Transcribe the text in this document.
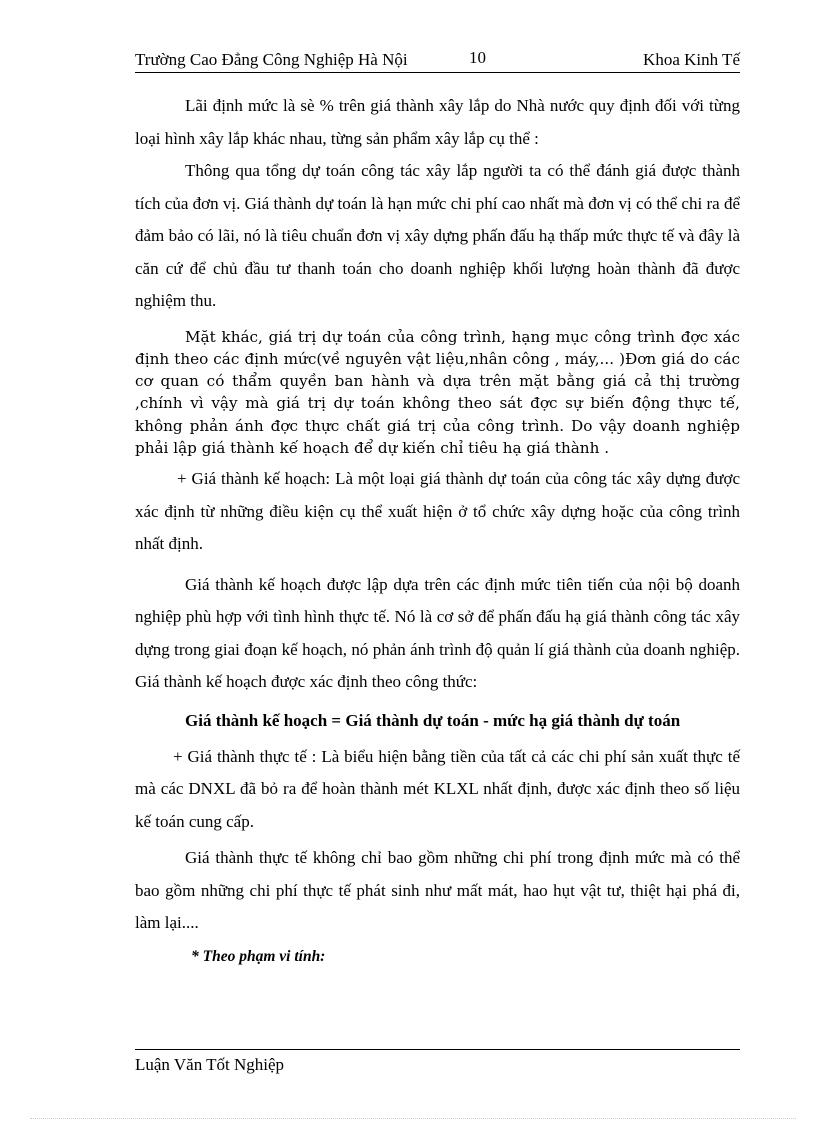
Trường Cao Đẳng Công Nghiệp Hà Nội	10	Khoa Kinh Tế

Lãi định mức là sè % trên giá thành xây lắp do Nhà nước quy định đối với từng loại hình xây lắp khác nhau, từng sản phẩm xây lắp cụ thể :

Thông qua tổng dự toán công tác xây lắp người ta có thể đánh giá được thành tích của đơn vị. Giá thành dự toán là hạn mức chi phí cao nhất mà đơn vị có thể chi ra để đảm bảo có lãi, nó là tiêu chuẩn đơn vị xây dựng phấn đấu hạ thấp mức thực tế và đây là căn cứ để chủ đầu tư thanh toán cho doanh nghiệp khối lượng hoàn thành đã được nghiệm thu.

Mặt khác, giá trị dự toán của công trình, hạng mục công trình đợc xác định theo các định mức(về nguyên vật liệu,nhân công , máy,... )Đơn giá do các cơ quan có thẩm quyền ban hành và dựa trên mặt bằng giá cả thị trường ,chính vì vậy mà giá trị dự toán không theo sát đợc sự biến động thực tế, không phản ánh đợc thực chất giá trị của công trình. Do vậy doanh nghiệp phải lập giá thành kế hoạch để dự kiến chỉ tiêu hạ giá thành .

+ Giá thành kế hoạch: Là một loại giá thành dự toán của công tác xây dựng được xác định từ những điều kiện cụ thể xuất hiện ở tổ chức xây dựng hoặc của công trình nhất định.

Giá thành kế hoạch được lập dựa trên các định mức tiên tiến của nội bộ doanh nghiệp phù hợp với tình hình thực tế. Nó là cơ sở để phấn đấu hạ giá thành công tác xây dựng trong giai đoạn kế hoạch, nó phản ánh trình độ quản lí giá thành của doanh nghiệp. Giá thành kế hoạch được xác định theo công thức:

Giá thành kế hoạch = Giá thành dự toán - mức hạ giá thành dự toán

+ Giá thành thực tế : Là biểu hiện bằng tiền của tất cả các chi phí sản xuất thực tế mà các DNXL đã bỏ ra để hoàn thành mét KLXL nhất định, được xác định theo số liệu kế toán cung cấp.

Giá thành thực tế không chỉ bao gồm những chi phí trong định mức mà có thể bao gồm những chi phí thực tế phát sinh như mất mát, hao hụt vật tư, thiệt hại phá đi, làm lại....

* Theo phạm vi tính:

Luận Văn Tốt Nghiệp
